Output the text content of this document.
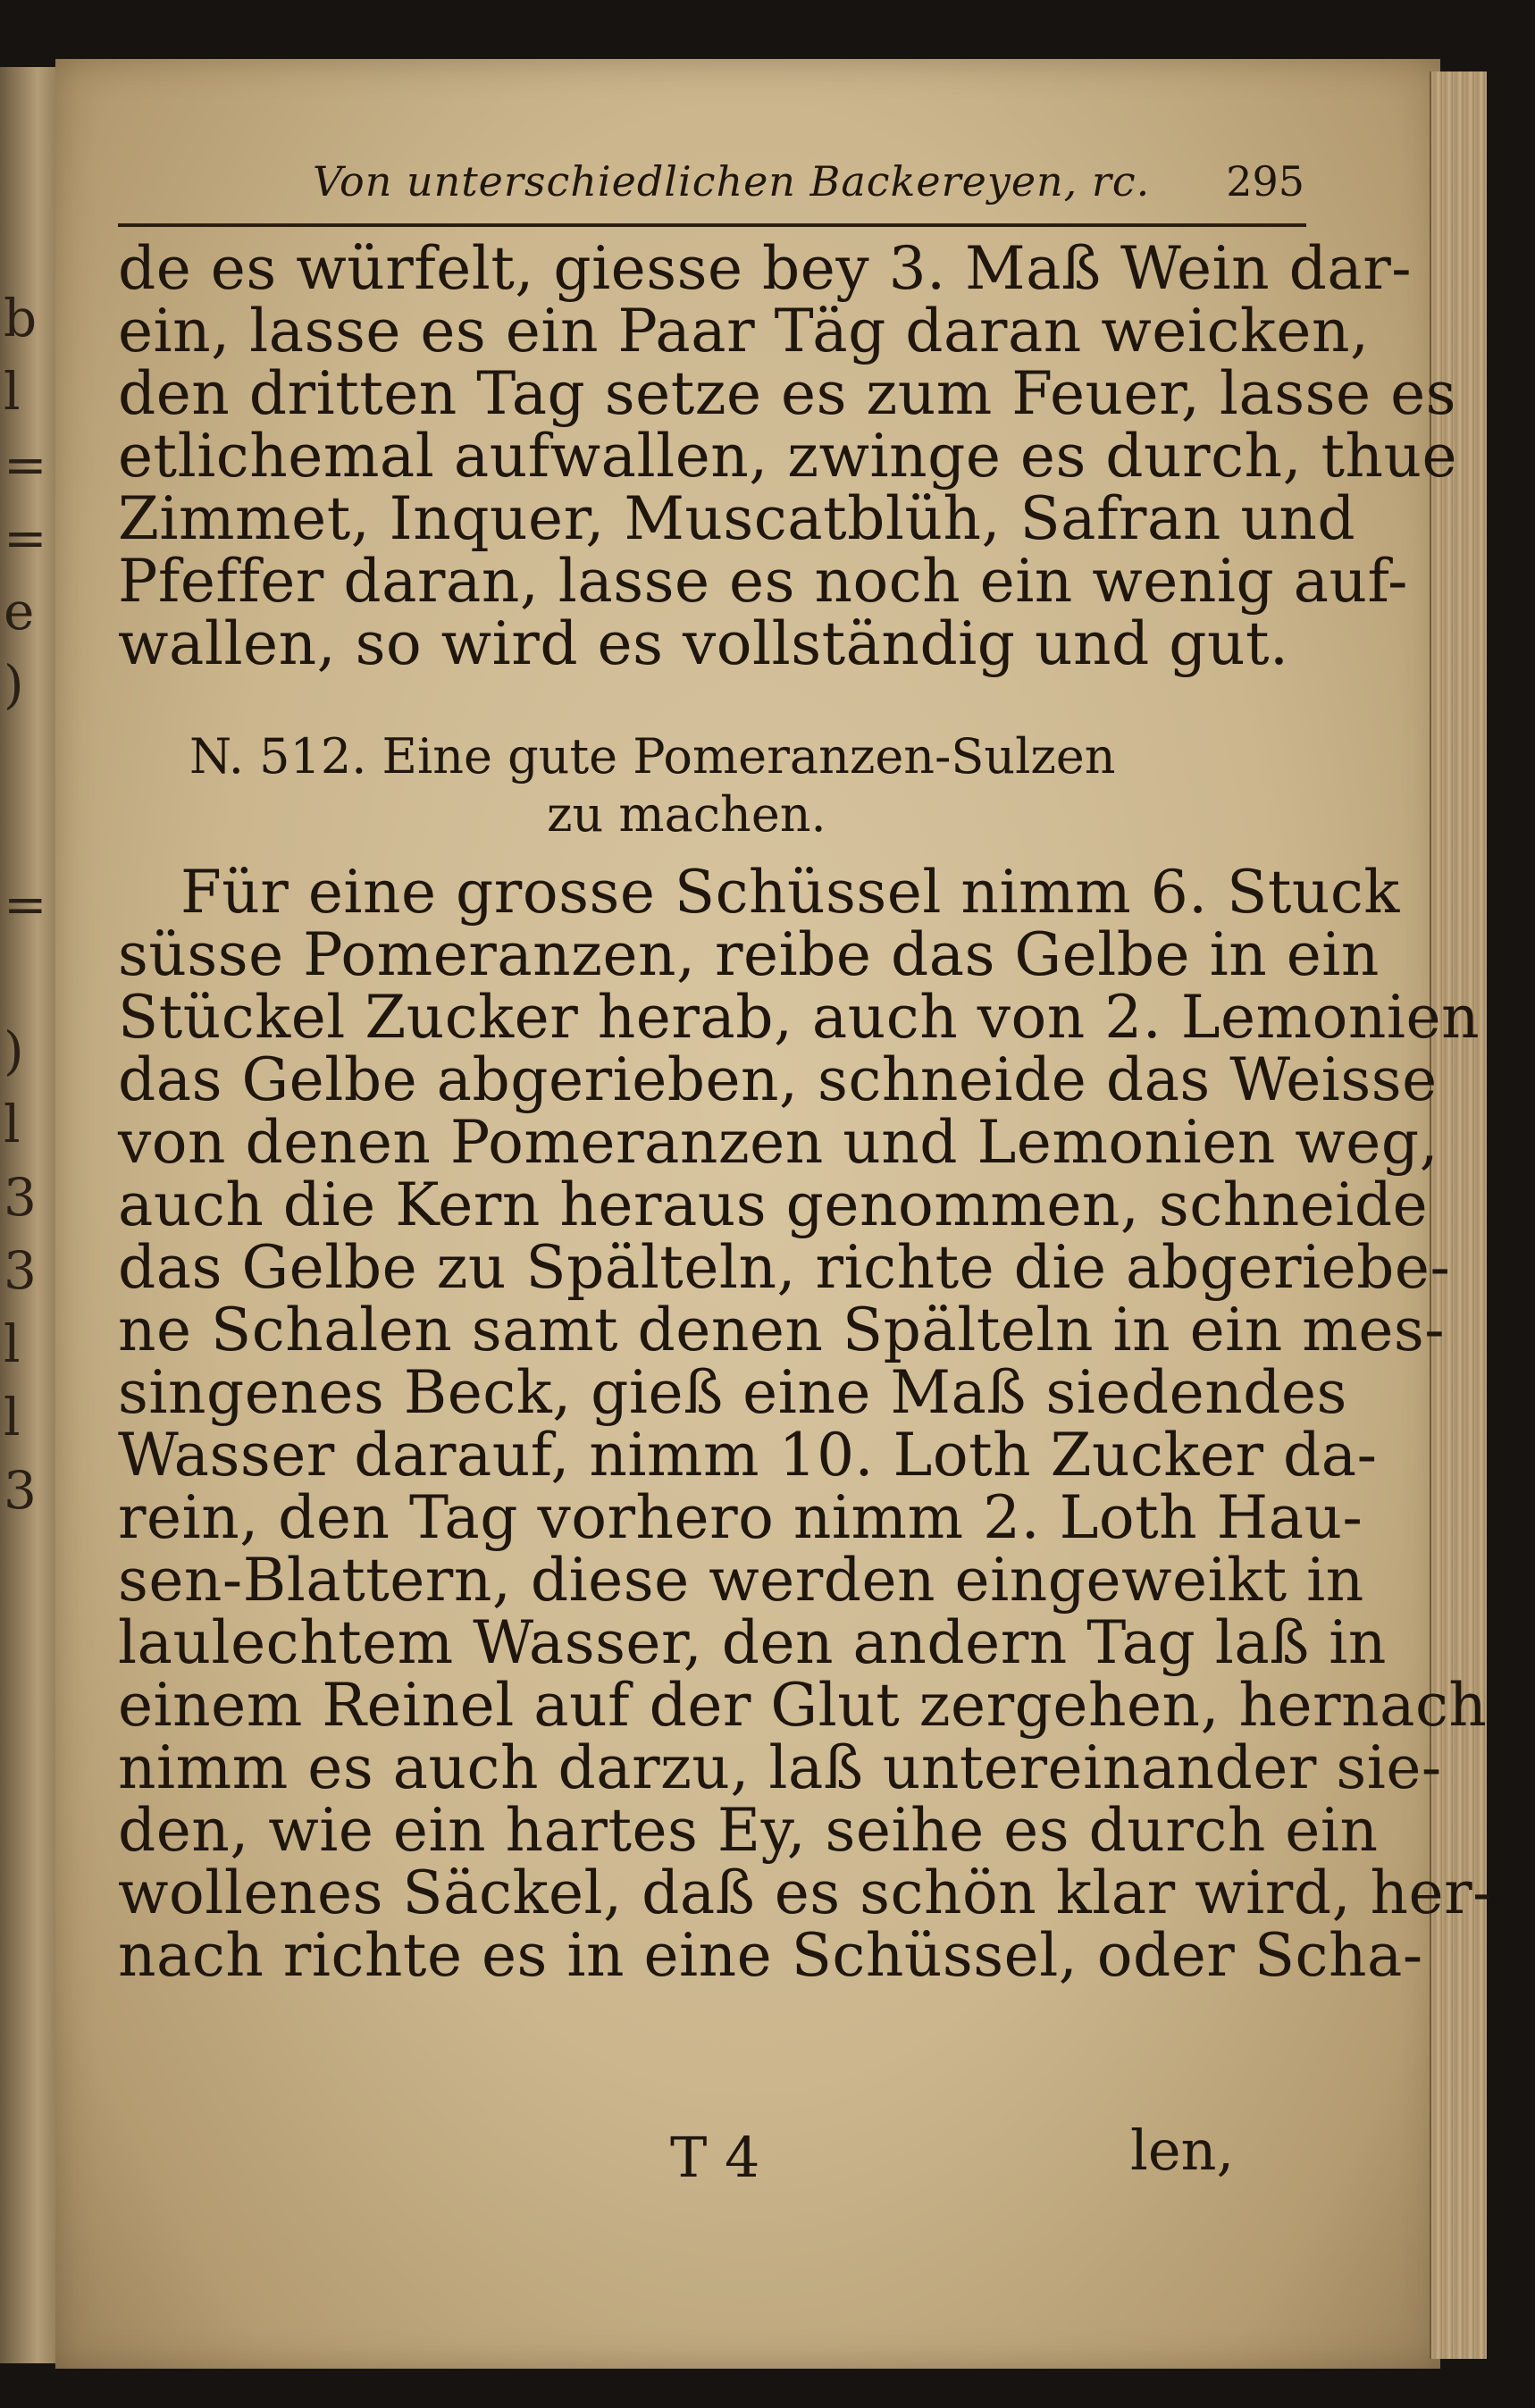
b
l
=
=
e
)

=

)
l
3
3
l
l
3
Von unterschiedlichen Backereyen, rc. 295
de es würfelt, giesse bey 3. Maß Wein dar-
ein, lasse es ein Paar Täg daran weicken,
den dritten Tag setze es zum Feuer, lasse es
etlichemal aufwallen, zwinge es durch, thue
Zimmet, Inquer, Muscatblüh, Safran und
Pfeffer daran, lasse es noch ein wenig auf-
wallen, so wird es vollständig und gut.
N. 512. Eine gute Pomeranzen-Sulzen
zu machen.
Für eine grosse Schüssel nimm 6. Stuck
süsse Pomeranzen, reibe das Gelbe in ein
Stückel Zucker herab, auch von 2. Lemonien
das Gelbe abgerieben, schneide das Weisse
von denen Pomeranzen und Lemonien weg,
auch die Kern heraus genommen, schneide
das Gelbe zu Spälteln, richte die abgeriebe-
ne Schalen samt denen Spälteln in ein mes-
singenes Beck, gieß eine Maß siedendes
Wasser darauf, nimm 10. Loth Zucker da-
rein, den Tag vorhero nimm 2. Loth Hau-
sen-Blattern, diese werden eingeweikt in
laulechtem Wasser, den andern Tag laß in
einem Reinel auf der Glut zergehen, hernach
nimm es auch darzu, laß untereinander sie-
den, wie ein hartes Ey, seihe es durch ein
wollenes Säckel, daß es schön klar wird, her-
nach richte es in eine Schüssel, oder Scha-
T 4	len,
